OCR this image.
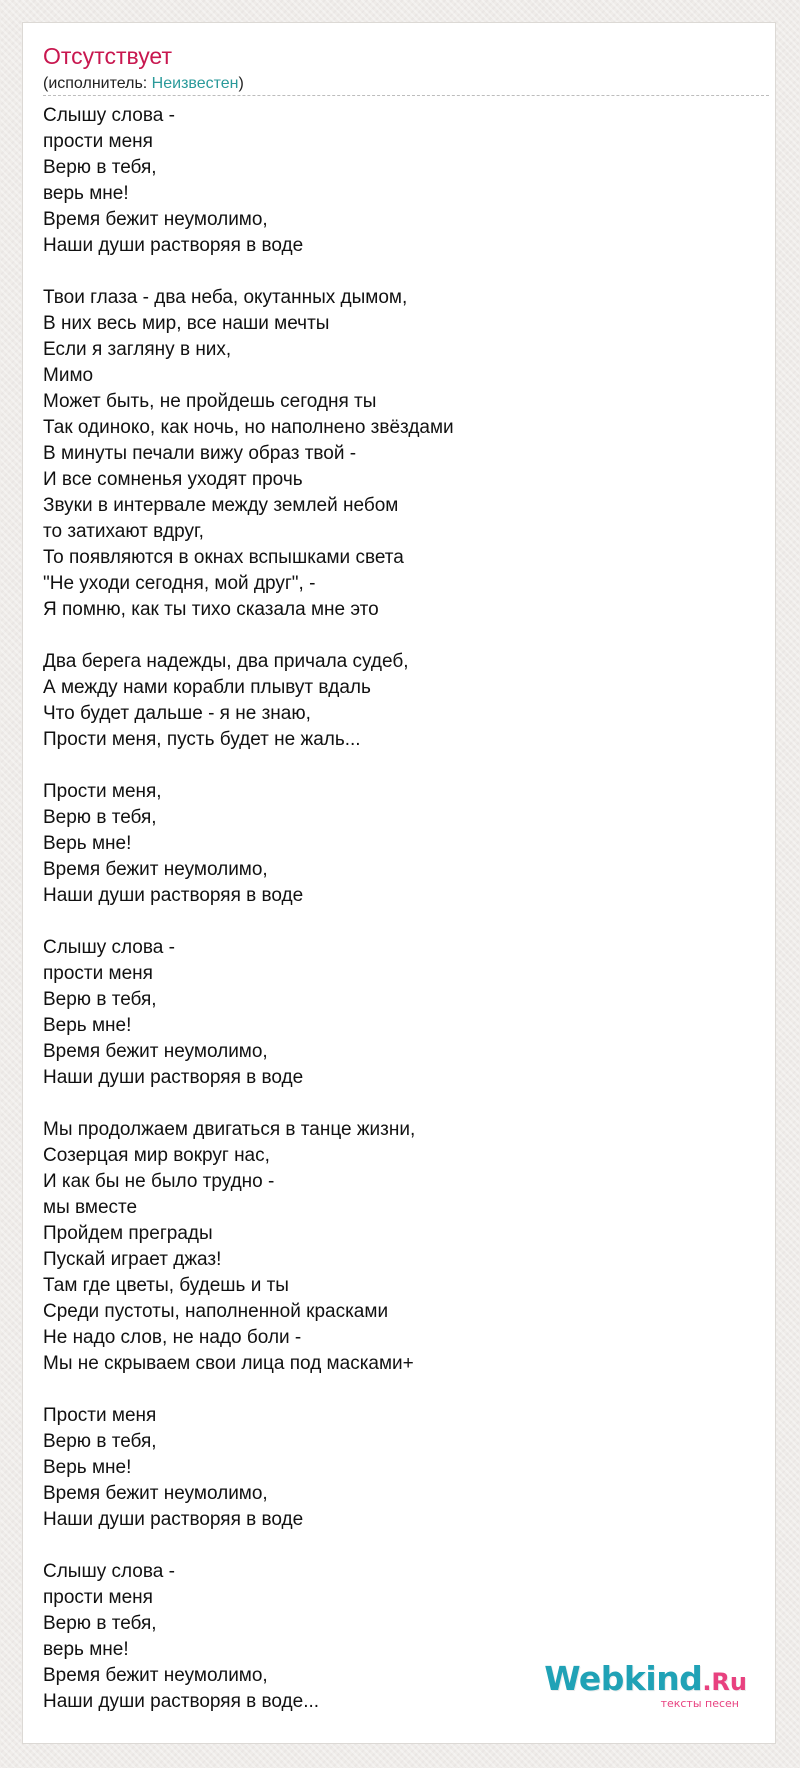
Отсутствует
(исполнитель: Неизвестен)
Слышу слова -
прости меня
Верю в тебя,
верь мне!
Время бежит неумолимо,
Наши души растворяя в воде
Твои глаза - два неба, окутанных дымом,
В них весь мир, все наши мечты
Если я загляну в них,
Мимо
Может быть, не пройдешь сегодня ты
Так одиноко, как ночь, но наполнено звёздами
В минуты печали вижу образ твой -
И все сомненья уходят прочь
Звуки в интервале между землей небом
то затихают вдруг,
То появляются в окнах вспышками света
"Не уходи сегодня, мой друг", -
Я помню, как ты тихо сказала мне это
Два берега надежды, два причала судеб,
А между нами корабли плывут вдаль
Что будет дальше - я не знаю,
Прости меня, пусть будет не жаль...
Прости меня,
Верю в тебя,
Верь мне!
Время бежит неумолимо,
Наши души растворяя в воде
Слышу слова -
прости меня
Верю в тебя,
Верь мне!
Время бежит неумолимо,
Наши души растворяя в воде
Мы продолжаем двигаться в танце жизни,
Созерцая мир вокруг нас,
И как бы не было трудно -
мы вместе
Пройдем преграды
Пускай играет джаз!
Там где цветы, будешь и ты
Среди пустоты, наполненной красками
Не надо слов, не надо боли -
Мы не скрываем свои лица под масками+
Прости меня
Верю в тебя,
Верь мне!
Время бежит неумолимо,
Наши души растворяя в воде
Слышу слова -
прости меня
Верю в тебя,
верь мне!
Время бежит неумолимо,
Наши души растворяя в воде...
Webkind.Ru
тексты песен
